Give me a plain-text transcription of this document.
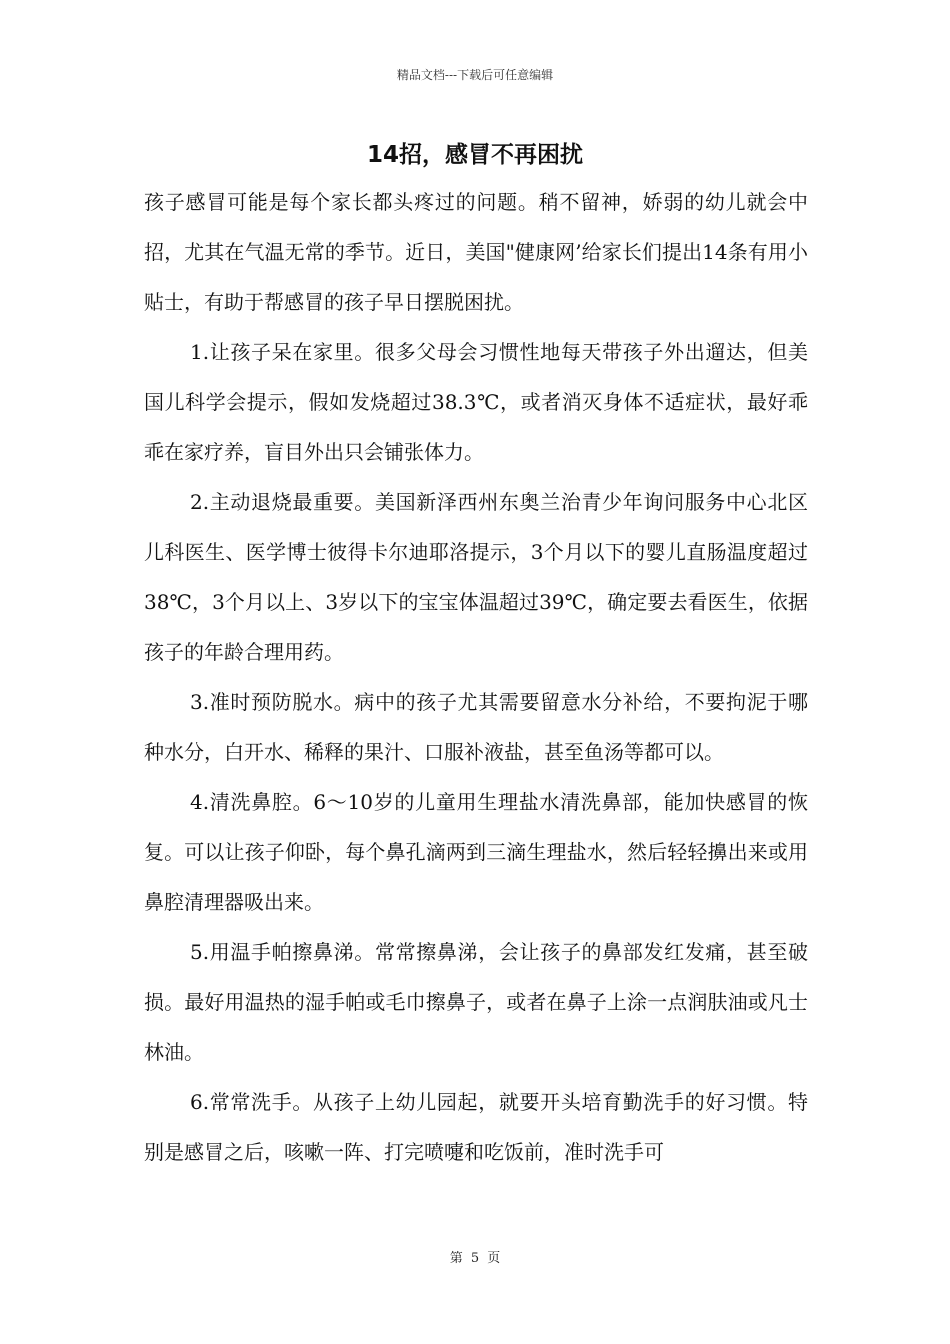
精品文档---下载后可任意编辑
14招，感冒不再困扰

孩子感冒可能是每个家长都头疼过的问题。稍不留神，娇弱的幼儿就会中招，尤其在气温无常的季节。近日，美国"健康网’给家长们提出14条有用小贴士，有助于帮感冒的孩子早日摆脱困扰。

1.让孩子呆在家里。很多父母会习惯性地每天带孩子外出遛达，但美国儿科学会提示，假如发烧超过38.3℃，或者消灭身体不适症状，最好乖乖在家疗养，盲目外出只会铺张体力。

2.主动退烧最重要。美国新泽西州东奥兰治青少年询问服务中心北区儿科医生、医学博士彼得卡尔迪耶洛提示，3个月以下的婴儿直肠温度超过38℃，3个月以上、3岁以下的宝宝体温超过39℃，确定要去看医生，依据孩子的年龄合理用药。

3.准时预防脱水。病中的孩子尤其需要留意水分补给，不要拘泥于哪种水分，白开水、稀释的果汁、口服补液盐，甚至鱼汤等都可以。

4.清洗鼻腔。6～10岁的儿童用生理盐水清洗鼻部，能加快感冒的恢复。可以让孩子仰卧，每个鼻孔滴两到三滴生理盐水，然后轻轻擤出来或用鼻腔清理器吸出来。

5.用温手帕擦鼻涕。常常擦鼻涕，会让孩子的鼻部发红发痛，甚至破损。最好用温热的湿手帕或毛巾擦鼻子，或者在鼻子上涂一点润肤油或凡士林油。

6.常常洗手。从孩子上幼儿园起，就要开头培育勤洗手的好习惯。特别是感冒之后，咳嗽一阵、打完喷嚏和吃饭前，准时洗手可

第 5 页
